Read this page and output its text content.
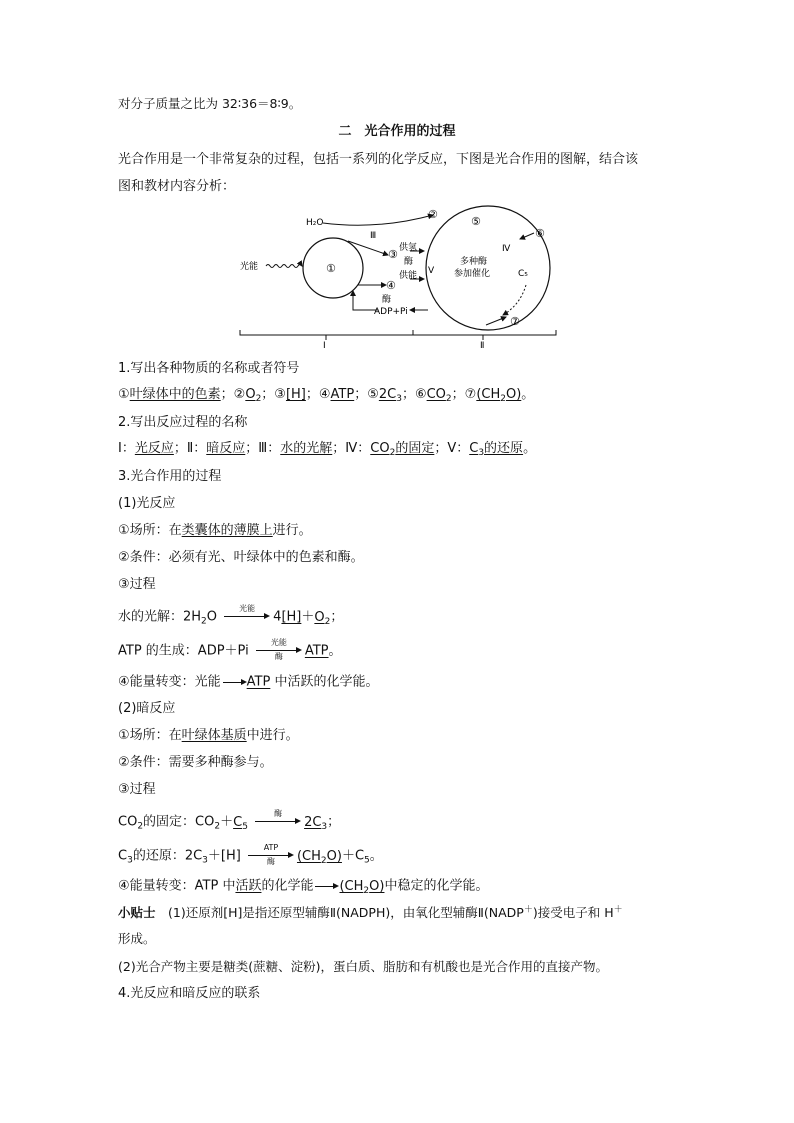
对分子质量之比为 32∶36＝8∶9。
二　光合作用的过程
光合作用是一个非常复杂的过程，包括一系列的化学反应，下图是光合作用的图解，结合该
图和教材内容分析：
H₂O
光能	①
②
③
④
⑤
⑥
⑦
Ⅲ
Ⅳ
Ⅴ
供氢
酶
供能
多种酶
参加催化	C₅
酶
ADP+Pi
Ⅰ	Ⅱ
1.写出各种物质的名称或者符号
①叶绿体中的色素；$②O_2$；③[H]；④ATP；$⑤2C_3$；$⑥CO_2$；$⑦(CH_2O)$。
2.写出反应过程的名称
Ⅰ：光反应；Ⅱ：暗反应；Ⅲ：水的光解；Ⅳ：$CO_2$的固定；Ⅴ：$C_3$的还原。
3.光合作用的过程
(1)光反应
①场所：在类囊体的薄膜上进行。
②条件：必须有光、叶绿体中的色素和酶。
③过程
水的光解：$2H_2O$
光能
$4[H]+O_2$；
ATP 的生成：ADP＋Pi
光能
酶	ATP。
④能量转变：光能 ATP 中活跃的化学能。
(2)暗反应
①场所：在叶绿体基质中进行。
②条件：需要多种酶参与。
③过程
$CO_2$的固定：$CO_2+C_5$
酶
$2C_3$；
$C_3$的还原：$2C_3+[H]$
ATP
酶	$(CH_2O)+C_5$。
④能量转变：ATP 中活跃的化学能 $(CH_2O)$中稳定的化学能。
小贴士　(1)还原剂[H]是指还原型辅酶Ⅱ(NADPH)，由氧化型辅酶Ⅱ(NADP＋)接受电子和 H＋
形成。
(2)光合产物主要是糖类(蔗糖、淀粉)，蛋白质、脂肪和有机酸也是光合作用的直接产物。
4.光反应和暗反应的联系
